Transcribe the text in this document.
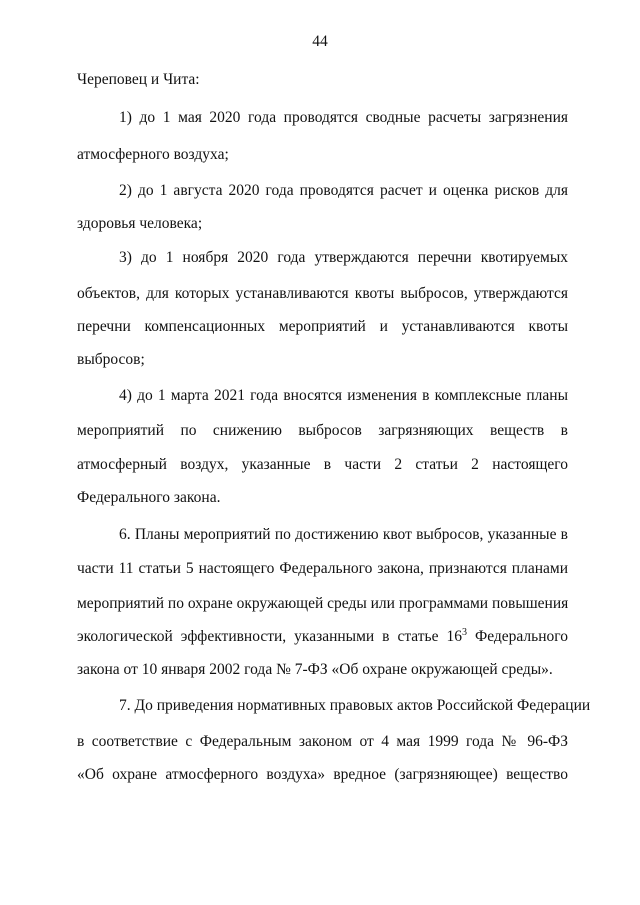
44
Череповец и Чита:
1) до 1 мая 2020 года проводятся сводные расчеты загрязнения
атмосферного воздуха;
2) до 1 августа 2020 года проводятся расчет и оценка рисков для
здоровья человека;
3) до 1 ноября 2020 года утверждаются перечни квотируемых
объектов, для которых устанавливаются квоты выбросов, утверждаются
перечни компенсационных мероприятий и устанавливаются квоты
выбросов;
4) до 1 марта 2021 года вносятся изменения в комплексные планы
мероприятий по снижению выбросов загрязняющих веществ в
атмосферный воздух, указанные в части 2 статьи 2 настоящего
Федерального закона.
6. Планы мероприятий по достижению квот выбросов, указанные в
части 11 статьи 5 настоящего Федерального закона, признаются планами
мероприятий по охране окружающей среды или программами повышения
экологической эффективности, указанными в статье $16^3$ Федерального
закона от 10 января 2002 года № 7-ФЗ «Об охране окружающей среды».
7. До приведения нормативных правовых актов Российской Федерации
в соответствие с Федеральным законом от 4 мая 1999 года № 96-ФЗ
«Об охране атмосферного воздуха» вредное (загрязняющее) вещество
